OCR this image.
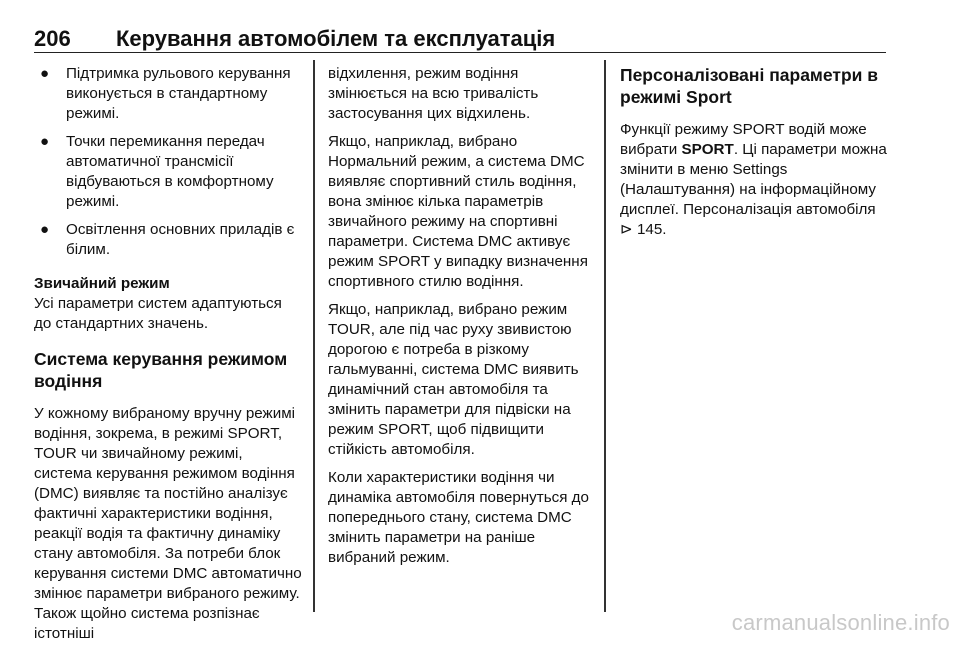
206 Керування автомобілем та експлуатація
● Підтримка рульового керування виконується в стандартному режимі.
● Точки перемикання передач автоматичної трансмісії відбуваються в комфортному режимі.
● Освітлення основних приладів є білим.

Звичайний режим
Усі параметри систем адаптуються до стандартних значень.

Система керування режимом водіння

У кожному вибраному вручну режимі водіння, зокрема, в режимі SPORT, TOUR чи звичайному режимі, система керування режимом водіння (DMC) виявляє та постійно аналізує фактичні характеристики водіння, реакції водія та фактичну динаміку стану автомобіля. За потреби блок керування системи DMC автоматично змінює параметри вибраного режиму. Також щойно система розпізнає істотніші

відхилення, режим водіння змінюється на всю тривалість застосування цих відхилень.

Якщо, наприклад, вибрано Нормальний режим, а система DMC виявляє спортивний стиль водіння, вона змінює кілька параметрів звичайного режиму на спортивні параметри. Система DMC активує режим SPORT у випадку визначення спортивного стилю водіння.

Якщо, наприклад, вибрано режим TOUR, але під час руху звивистою дорогою є потреба в різкому гальмуванні, система DMC виявить динамічний стан автомобіля та змінить параметри для підвіски на режим SPORT, щоб підвищити стійкість автомобіля.

Коли характеристики водіння чи динаміка автомобіля повернуться до попереднього стану, система DMC змінить параметри на раніше вибраний режим.

Персоналізовані параметри в режимі Sport

Функції режиму SPORT водій може вибрати SPORT. Ці параметри можна змінити в меню Settings (Налаштування) на інформаційному дисплеї. Персоналізація автомобіля ⊳ 145.

carmanualsonline.info
